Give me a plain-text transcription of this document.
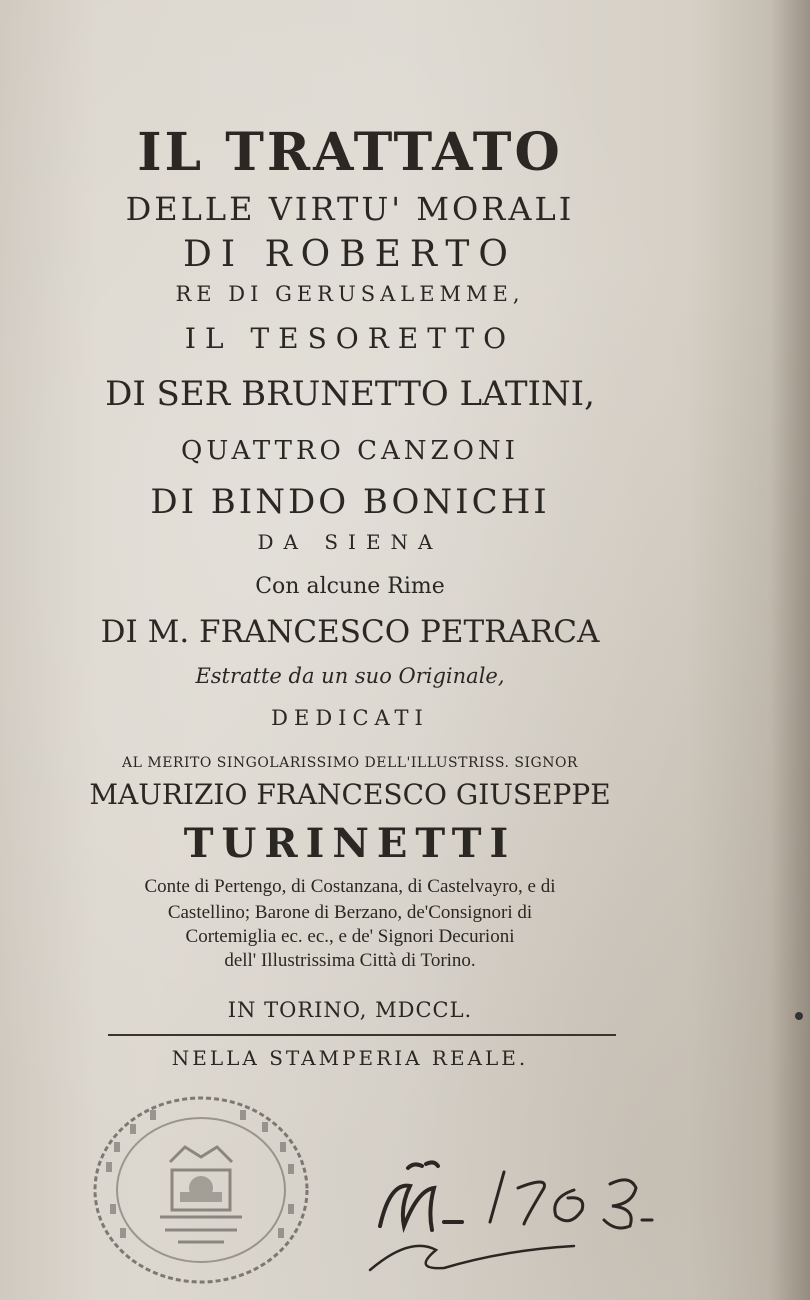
IL TRATTATO
DELLE VIRTU' MORALI
DI ROBERTO
RE DI GERUSALEMME,
IL TESORETTO
DI SER BRUNETTO LATINI,
QUATTRO CANZONI
DI BINDO BONICHI
DA SIENA
Con alcune Rime
DI M. FRANCESCO PETRARCA
Estratte da un suo Originale,
DEDICATI
AL MERITO SINGOLARISSIMO DELL'ILLUSTRISS. SIGNOR
MAURIZIO FRANCESCO GIUSEPPE
TURINETTI
Conte di Pertengo, di Costanzana, di Castelvayro, e di
Castellino; Barone di Berzano, de'Consignori di
Cortemiglia ec. ec., e de' Signori Decurioni
dell' Illustrissima Città di Torino.
IN TORINO, MDCCL.
NELLA STAMPERIA REALE.
